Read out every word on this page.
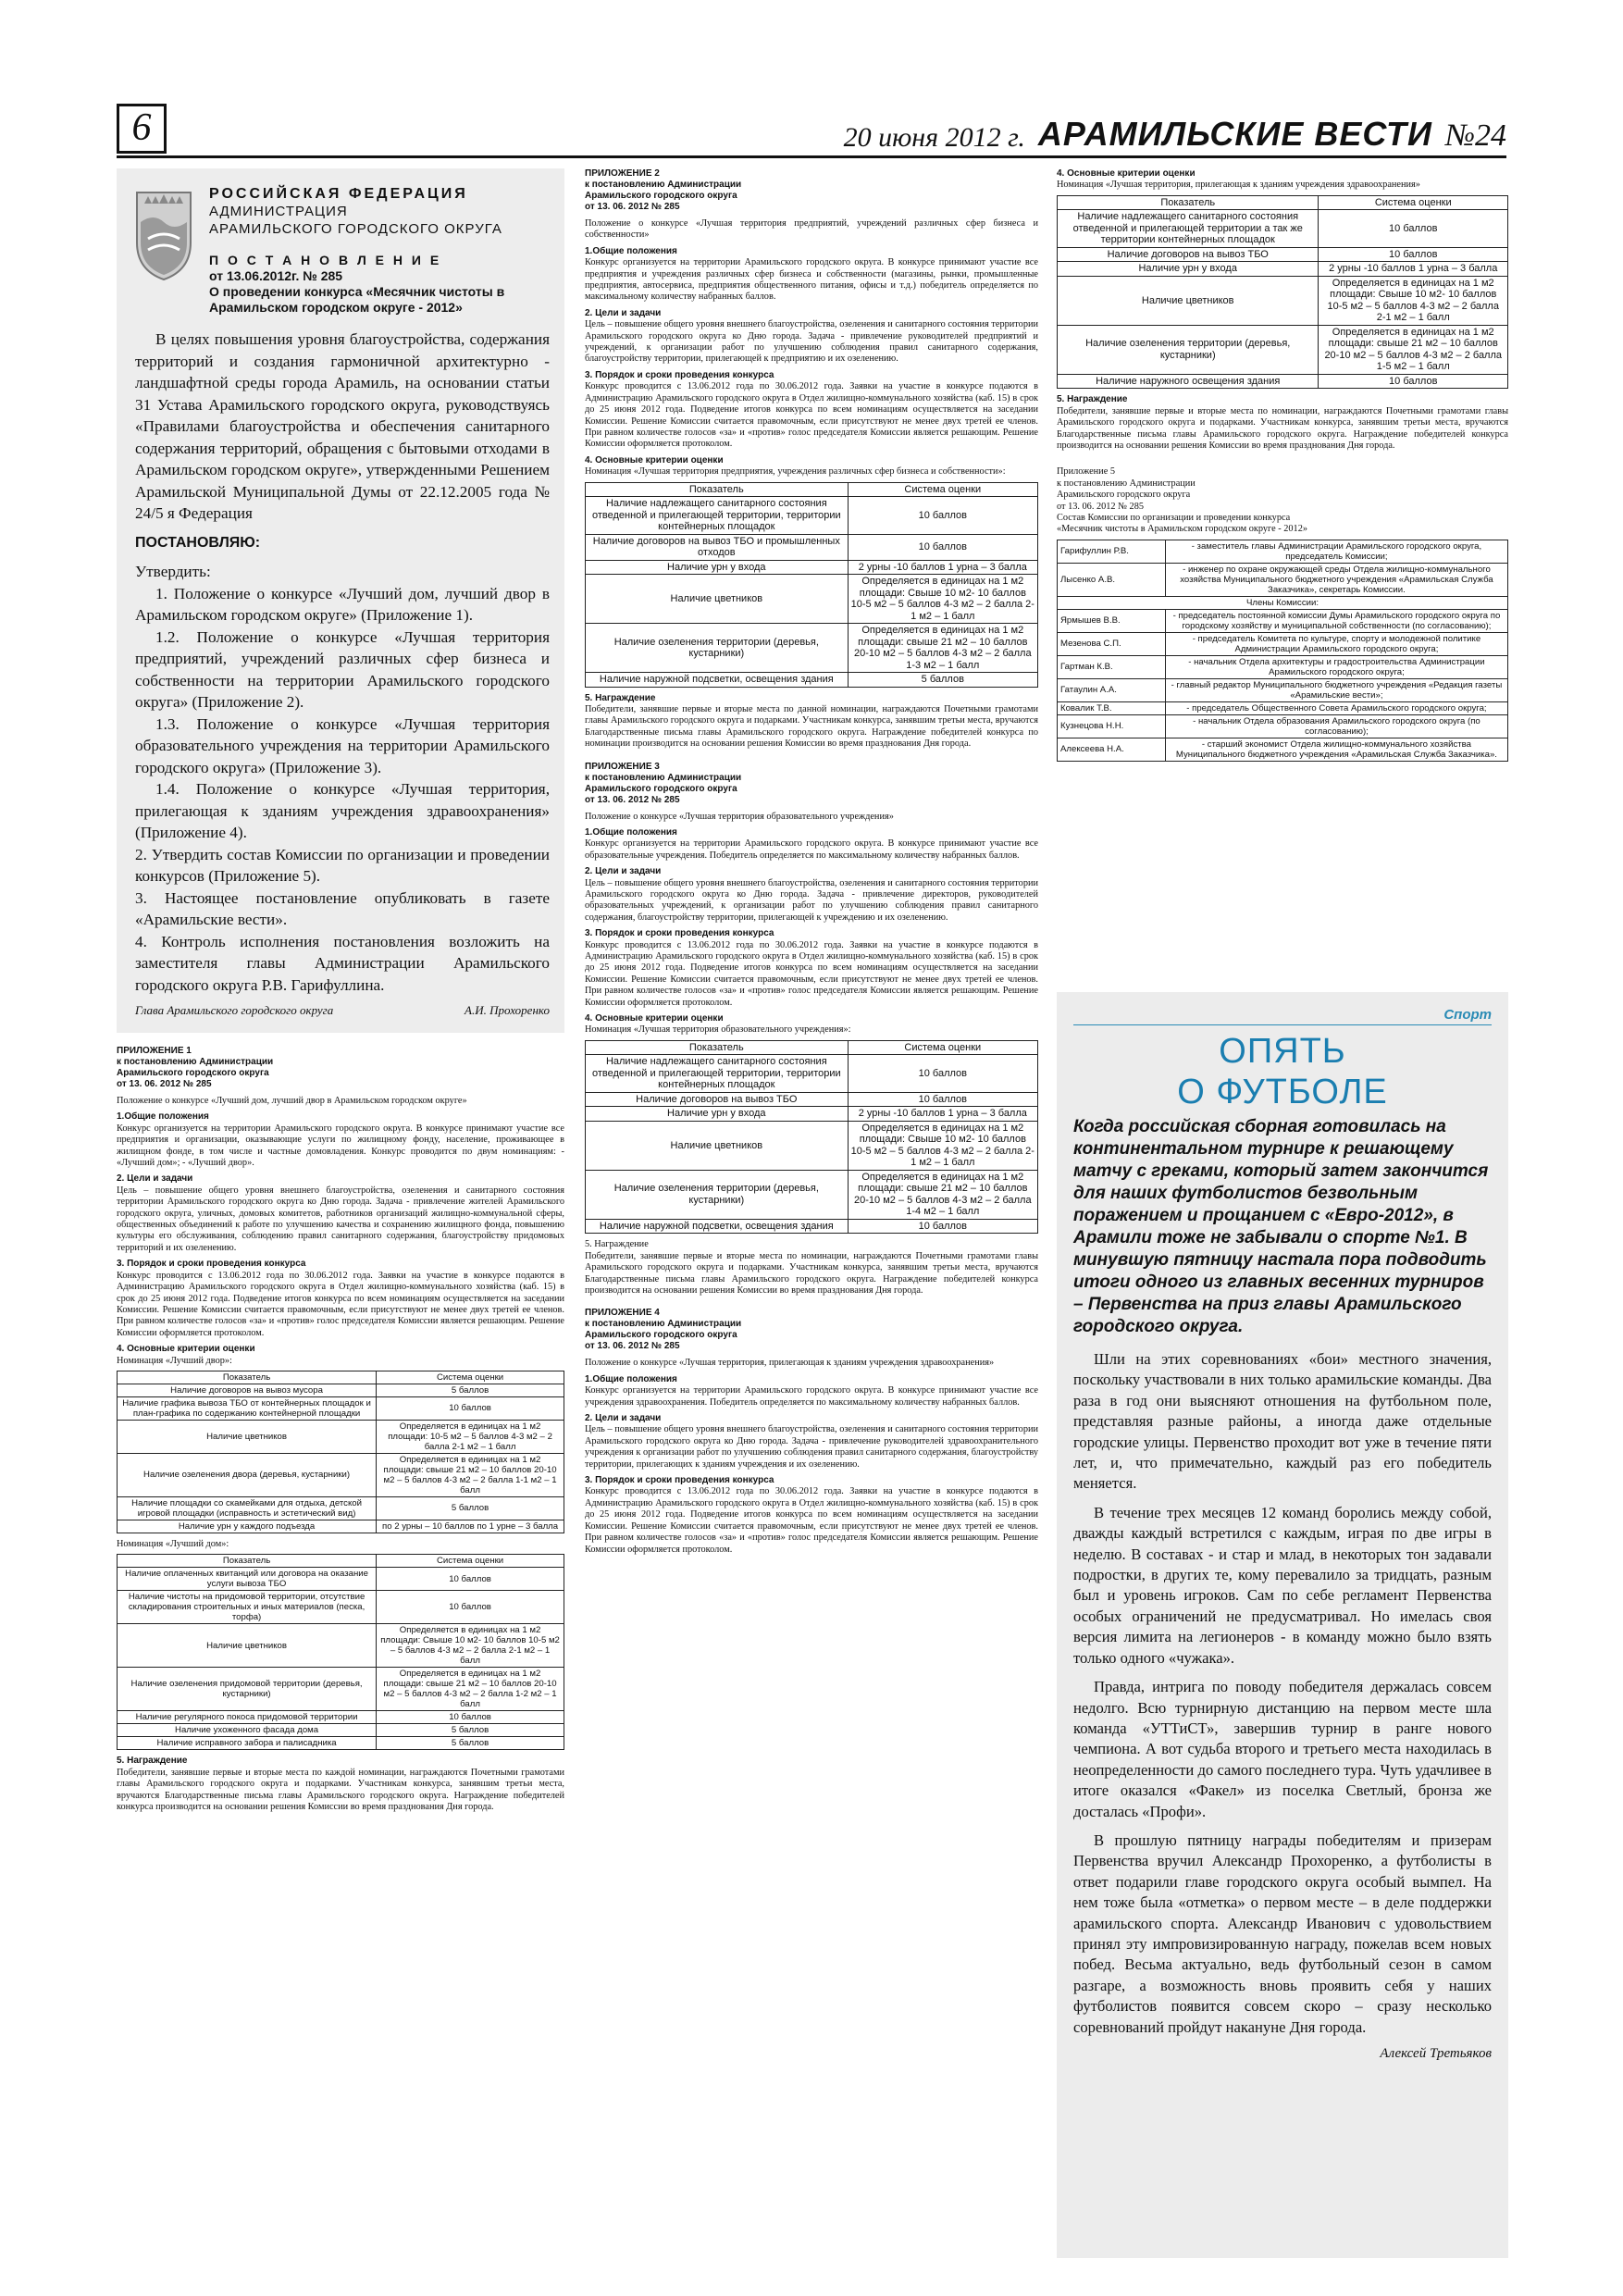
6	20 июня 2012 г. АРАМИЛЬСКИЕ ВЕСТИ №24
РОССИЙСКАЯ ФЕДЕРАЦИЯ
АДМИНИСТРАЦИЯ
АРАМИЛЬСКОГО ГОРОДСКОГО ОКРУГА
П О С Т А Н О В Л Е Н И Е
от 13.06.2012г. № 285
О проведении конкурса «Месячник чистоты в Арамильском городском округе - 2012»

В целях повышения уровня благоустройства, содержания территорий и создания гармоничной архитектурно - ландшафтной среды города Арамиль, на основании статьи 31 Устава Арамильского городского округа, руководствуясь «Правилами благоустройства и обеспечения санитарного содержания территорий, обращения с бытовыми отходами в Арамильском городском округе», утвержденными Решением Арамильской Муниципальной Думы от 22.12.2005 года № 24/5 я Федерация

ПОСТАНОВЛЯЮ:

Утвердить:

1. Положение о конкурсе «Лучший дом, лучший двор в Арамильском городском округе» (Приложение 1).

1.2. Положение о конкурсе «Лучшая территория предприятий, учреждений различных сфер бизнеса и собственности на территории Арамильского городского округа» (Приложение 2).

1.3. Положение о конкурсе «Лучшая территория образовательного учреждения на территории Арамильского городского округа» (Приложение 3).

1.4. Положение о конкурсе «Лучшая территория, прилегающая к зданиям учреждения здравоохранения» (Приложение 4).

2. Утвердить состав Комиссии по организации и проведении конкурсов (Приложение 5).

3. Настоящее постановление опубликовать в газете «Арамильские вести».

4. Контроль исполнения постановления возложить на заместителя главы Администрации Арамильского городского округа Р.В. Гарифуллина.

Глава Арамильского городского округа	А.И. Прохоренко
ПРИЛОЖЕНИЕ 1
к постановлению Администрации
Арамильского городского округа
от 13. 06. 2012 № 285

Положение о конкурсе «Лучший дом, лучший двор в Арамильском городском округе»

1.Общие положения

Конкурс организуется на территории Арамильского городского округа. В конкурсе принимают участие все предприятия и организации, оказывающие услуги по жилищному фонду, население, проживающее в жилищном фонде, в том числе и частные домовладения. Конкурс проводится по двум номинациям: - «Лучший дом»; - «Лучший двор».

2. Цели и задачи

Цель – повышение общего уровня внешнего благоустройства, озеленения и санитарного состояния территории Арамильского городского округа ко Дню города. Задача - привлечение жителей Арамильского городского округа, уличных, домовых комитетов, работников организаций жилищно-коммунальной сферы, общественных объединений к работе по улучшению качества и сохранению жилищного фонда, повышению культуры его обслуживания, соблюдению правил санитарного содержания, благоустройству придомовых территорий и их озеленению.

3. Порядок и сроки проведения конкурса

Конкурс проводится с 13.06.2012 года по 30.06.2012 года. Заявки на участие в конкурсе подаются в Администрацию Арамильского городского округа в Отдел жилищно-коммунального хозяйства (каб. 15) в срок до 25 июня 2012 года. Подведение итогов конкурса по всем номинациям осуществляется на заседании Комиссии. Решение Комиссии считается правомочным, если присутствуют не менее двух третей ее членов. При равном количестве голосов «за» и «против» голос председателя Комиссии является решающим. Решение Комиссии оформляется протоколом.

4. Основные критерии оценки

Номинация «Лучший двор»:

Показатель	Система оценки
Наличие договоров на вывоз мусора	5 баллов
Наличие графика вывоза ТБО от контейнерных площадок и план-графика по содержанию контейнерной площадки	10 баллов
Наличие цветников	Определяется в единицах на 1 м2 площади: 10-5 м2 – 5 баллов 4-3 м2 – 2 балла 2-1 м2 – 1 балл
Наличие озеленения двора (деревья, кустарники)	Определяется в единицах на 1 м2 площади: свыше 21 м2 – 10 баллов 20-10 м2 – 5 баллов 4-3 м2 – 2 балла 1-1 м2 – 1 балл
Наличие площадки со скамейками для отдыха, детской игровой площадки (исправность и эстетический вид)	5 баллов
Наличие урн у каждого подъезда	по 2 урны – 10 баллов по 1 урне – 3 балла

Номинация «Лучший дом»:

Показатель	Система оценки
Наличие оплаченных квитанций или договора на оказание услуги вывоза ТБО	10 баллов
Наличие чистоты на придомовой территории, отсутствие складирования строительных и иных материалов (песка, торфа)	10 баллов
Наличие цветников	Определяется в единицах на 1 м2 площади: Свыше 10 м2- 10 баллов 10-5 м2 – 5 баллов 4-3 м2 – 2 балла 2-1 м2 – 1 балл
Наличие озеленения придомовой территории (деревья, кустарники)	Определяется в единицах на 1 м2 площади: свыше 21 м2 – 10 баллов 20-10 м2 – 5 баллов 4-3 м2 – 2 балла 1-2 м2 – 1 балл
Наличие регулярного покоса придомовой территории	10 баллов
Наличие ухоженного фасада дома	5 баллов
Наличие исправного забора и палисадника	5 баллов
5. Награждение

Победители, занявшие первые и вторые места по каждой номинации, награждаются Почетными грамотами главы Арамильского городского округа и подарками. Участникам конкурса, занявшим третьи места, вручаются Благодарственные письма главы Арамильского городского округа. Награждение победителей конкурса производится на основании решения Комиссии во время празднования Дня города.

ПРИЛОЖЕНИЕ 2
к постановлению Администрации
Арамильского городского округа
от 13. 06. 2012 № 285

Положение о конкурсе «Лучшая территория предприятий, учреждений различных сфер бизнеса и собственности»

1.Общие положения

Конкурс организуется на территории Арамильского городского округа. В конкурсе принимают участие все предприятия и учреждения различных сфер бизнеса и собственности (магазины, рынки, промышленные предприятия, автосервиса, предприятия общественного питания, офисы и т.д.) победитель определяется по максимальному количеству набранных баллов.

2. Цели и задачи

Цель – повышение общего уровня внешнего благоустройства, озеленения и санитарного состояния территории Арамильского городского округа ко Дню города. Задача - привлечение руководителей предприятий и учреждений, к организации работ по улучшению соблюдения правил санитарного содержания, благоустройству территории, прилегающей к предприятию и их озеленению.

3. Порядок и сроки проведения конкурса

Конкурс проводится с 13.06.2012 года по 30.06.2012 года. Заявки на участие в конкурсе подаются в Администрацию Арамильского городского округа в Отдел жилищно-коммунального хозяйства (каб. 15) в срок до 25 июня 2012 года. Подведение итогов конкурса по всем номинациям осуществляется на заседании Комиссии. Решение Комиссии считается правомочным, если присутствуют не менее двух третей ее членов. При равном количестве голосов «за» и «против» голос председателя Комиссии является решающим. Решение Комиссии оформляется протоколом.

4. Основные критерии оценки

Номинация «Лучшая территория предприятия, учреждения различных сфер бизнеса и собственности»:

Показатель	Система оценки
Наличие надлежащего санитарного состояния отведенной и прилегающей территории, территории контейнерных площадок	10 баллов
Наличие договоров на вывоз ТБО и промышленных отходов	10 баллов
Наличие урн у входа	2 урны -10 баллов 1 урна – 3 балла
Наличие цветников	Определяется в единицах на 1 м2 площади: Свыше 10 м2- 10 баллов 10-5 м2 – 5 баллов 4-3 м2 – 2 балла 2-1 м2 – 1 балл
Наличие озеленения территории (деревья, кустарники)	Определяется в единицах на 1 м2 площади: свыше 21 м2 – 10 баллов 20-10 м2 – 5 баллов 4-3 м2 – 2 балла 1-3 м2 – 1 балл
Наличие наружной подсветки, освещения здания	5 баллов
5. Награждение

Победители, занявшие первые и вторые места по данной номинации, награждаются Почетными грамотами главы Арамильского городского округа и подарками. Участникам конкурса, занявшим третьи места, вручаются Благодарственные письма главы Арамильского городского округа. Награждение победителей конкурса по номинации производится на основании решения Комиссии во время празднования Дня города.

ПРИЛОЖЕНИЕ 3
к постановлению Администрации
Арамильского городского округа
от 13. 06. 2012 № 285

Положение о конкурсе «Лучшая территория образовательного учреждения»

1.Общие положения

Конкурс организуется на территории Арамильского городского округа. В конкурсе принимают участие все образовательные учреждения. Победитель определяется по максимальному количеству набранных баллов.

2. Цели и задачи

Цель – повышение общего уровня внешнего благоустройства, озеленения и санитарного состояния территории Арамильского городского округа ко Дню города. Задача - привлечение директоров, руководителей образовательных учреждений, к организации работ по улучшению соблюдения правил санитарного содержания, благоустройству территории, прилегающей к учреждению и их озеленению.

3. Порядок и сроки проведения конкурса

Конкурс проводится с 13.06.2012 года по 30.06.2012 года. Заявки на участие в конкурсе подаются в Администрацию Арамильского городского округа в Отдел жилищно-коммунального хозяйства (каб. 15) в срок до 25 июня 2012 года. Подведение итогов конкурса по всем номинациям осуществляется на заседании Комиссии. Решение Комиссии считается правомочным, если присутствуют не менее двух третей ее членов. При равном количестве голосов «за» и «против» голос председателя Комиссии является решающим. Решение Комиссии оформляется протоколом.

4. Основные критерии оценки

Номинация «Лучшая территория образовательного учреждения»:

Показатель	Система оценки
Наличие надлежащего санитарного состояния отведенной и прилегающей территории, территории контейнерных площадок	10 баллов
Наличие договоров на вывоз ТБО	10 баллов
Наличие урн у входа	2 урны -10 баллов 1 урна – 3 балла
Наличие цветников	Определяется в единицах на 1 м2 площади: Свыше 10 м2- 10 баллов 10-5 м2 – 5 баллов 4-3 м2 – 2 балла 2-1 м2 – 1 балл
Наличие озеленения территории (деревья, кустарники)	Определяется в единицах на 1 м2 площади: свыше 21 м2 – 10 баллов 20-10 м2 – 5 баллов 4-3 м2 – 2 балла 1-4 м2 – 1 балл
Наличие наружной подсветки, освещения здания	10 баллов

5. Награждение

Победители, занявшие первые и вторые места по номинации, награждаются Почетными грамотами главы Арамильского городского округа и подарками. Участникам конкурса, занявшим третьи места, вручаются Благодарственные письма главы Арамильского городского округа. Награждение победителей конкурса производится на основании решения Комиссии во время празднования Дня города.

ПРИЛОЖЕНИЕ 4
к постановлению Администрации
Арамильского городского округа
от 13. 06. 2012 № 285

Положение о конкурсе «Лучшая территория, прилегающая к зданиям учреждения здравоохранения»

1.Общие положения

Конкурс организуется на территории Арамильского городского округа. В конкурсе принимают участие все учреждения здравоохранения. Победитель определяется по максимальному количеству набранных баллов.

2. Цели и задачи

Цель – повышение общего уровня внешнего благоустройства, озеленения и санитарного состояния территории Арамильского городского округа ко Дню города. Задача - привлечение руководителей здравоохранительного учреждения к организации работ по улучшению соблюдения правил санитарного содержания, благоустройству территории, прилегающих к зданиям учреждения и их озеленению.

3. Порядок и сроки проведения конкурса

Конкурс проводится с 13.06.2012 года по 30.06.2012 года. Заявки на участие в конкурсе подаются в Администрацию Арамильского городского округа в Отдел жилищно-коммунального хозяйства (каб. 15) в срок до 25 июня 2012 года. Подведение итогов конкурса по всем номинациям осуществляется на заседании Комиссии. Решение Комиссии считается правомочным, если присутствуют не менее двух третей ее членов. При равном количестве голосов «за» и «против» голос председателя Комиссии является решающим. Решение Комиссии оформляется протоколом.

4. Основные критерии оценки

Номинация «Лучшая территория, прилегающая к зданиям учреждения здравоохранения»

Показатель	Система оценки
Наличие надлежащего санитарного состояния отведенной и прилегающей территории а так же территории контейнерных площадок	10 баллов
Наличие договоров на вывоз ТБО	10 баллов
Наличие урн у входа	2 урны -10 баллов 1 урна – 3 балла
Наличие цветников	Определяется в единицах на 1 м2 площади: Свыше 10 м2- 10 баллов 10-5 м2 – 5 баллов 4-3 м2 – 2 балла 2-1 м2 – 1 балл
Наличие озеленения территории (деревья, кустарники)	Определяется в единицах на 1 м2 площади: свыше 21 м2 – 10 баллов 20-10 м2 – 5 баллов 4-3 м2 – 2 балла 1-5 м2 – 1 балл
Наличие наружного освещения здания	10 баллов
5. Награждение

Победители, занявшие первые и вторые места по номинации, награждаются Почетными грамотами главы Арамильского городского округа и подарками. Участникам конкурса, занявшим третьи места, вручаются Благодарственные письма главы Арамильского городского округа. Награждение победителей конкурса производится на основании решения Комиссии во время празднования Дня города.

Приложение 5

к постановлению Администрации

Арамильского городского округа

от 13. 06. 2012 № 285

Состав Комиссии по организации и проведении конкурса

«Месячник чистоты в Арамильском городском округе - 2012»

Гарифуллин Р.В.	- заместитель главы Администрации Арамильского городского округа, председатель Комиссии;
Лысенко А.В.	- инженер по охране окружающей среды Отдела жилищно-коммунального хозяйства Муниципального бюджетного учреждения «Арамильская Служба Заказчика», секретарь Комиссии.
Члены Комиссии:	
Ярмышев В.В.	- председатель постоянной комиссии Думы Арамильского городского округа по городскому хозяйству и муниципальной собственности (по согласованию);
Мезенова С.П.	- председатель Комитета по культуре, спорту и молодежной политике Администрации Арамильского городского округа;
Гартман К.В.	- начальник Отдела архитектуры и градостроительства Администрации Арамильского городского округа;
Гатаулин А.А.	- главный редактор Муниципального бюджетного учреждения «Редакция газеты «Арамильские вести»;
Ковалик Т.В.	- председатель Общественного Совета Арамильского городского округа;
Кузнецова Н.Н.	- начальник Отдела образования Арамильского городского округа (по согласованию);
Алексеева Н.А.	- старший экономист Отдела жилищно-коммунального хозяйства Муниципального бюджетного учреждения «Арамильская Служба Заказчика».
Спорт
ОПЯТЬ
О ФУТБОЛЕ
Когда российская сборная готовилась на континентальном турнире к решающему матчу с греками, который затем закончится для наших футболистов безвольным поражением и прощанием с «Евро-2012», в Арамили тоже не забывали о спорте №1. В минувшую пятницу настала пора подводить итоги одного из главных весенних турниров – Первенства на приз главы Арамильского городского округа.

Шли на этих соревнованиях «бои» местного значения, поскольку участвовали в них только арамильские команды. Два раза в год они выясняют отношения на футбольном поле, представляя разные районы, а иногда даже отдельные городские улицы. Первенство проходит вот уже в течение пяти лет, и, что примечательно, каждый раз его победитель меняется.

В течение трех месяцев 12 команд боролись между собой, дважды каждый встретился с каждым, играя по две игры в неделю. В составах - и стар и млад, в некоторых тон задавали подростки, в других те, кому перевалило за тридцать, разным был и уровень игроков. Сам по себе регламент Первенства особых ограничений не предусматривал. Но имелась своя версия лимита на легионеров - в команду можно было взять только одного «чужака».

Правда, интрига по поводу победителя держалась совсем недолго. Всю турнирную дистанцию на первом месте шла команда «УТТиСТ», завершив турнир в ранге нового чемпиона. А вот судьба второго и третьего места находилась в неопределенности до самого последнего тура. Чуть удачливее в итоге оказался «Факел» из поселка Светлый, бронза же досталась «Профи».

В прошлую пятницу награды победителям и призерам Первенства вручил Александр Прохоренко, а футболисты в ответ подарили главе городского округа особый вымпел. На нем тоже была «отметка» о первом месте – в деле поддержки арамильского спорта. Александр Иванович с удовольствием принял эту импровизированную награду, пожелав всем новых побед. Весьма актуально, ведь футбольный сезон в самом разгаре, а возможность вновь проявить себя у наших футболистов появится совсем скоро – сразу несколько соревнований пройдут накануне Дня города.

Алексей Третьяков
